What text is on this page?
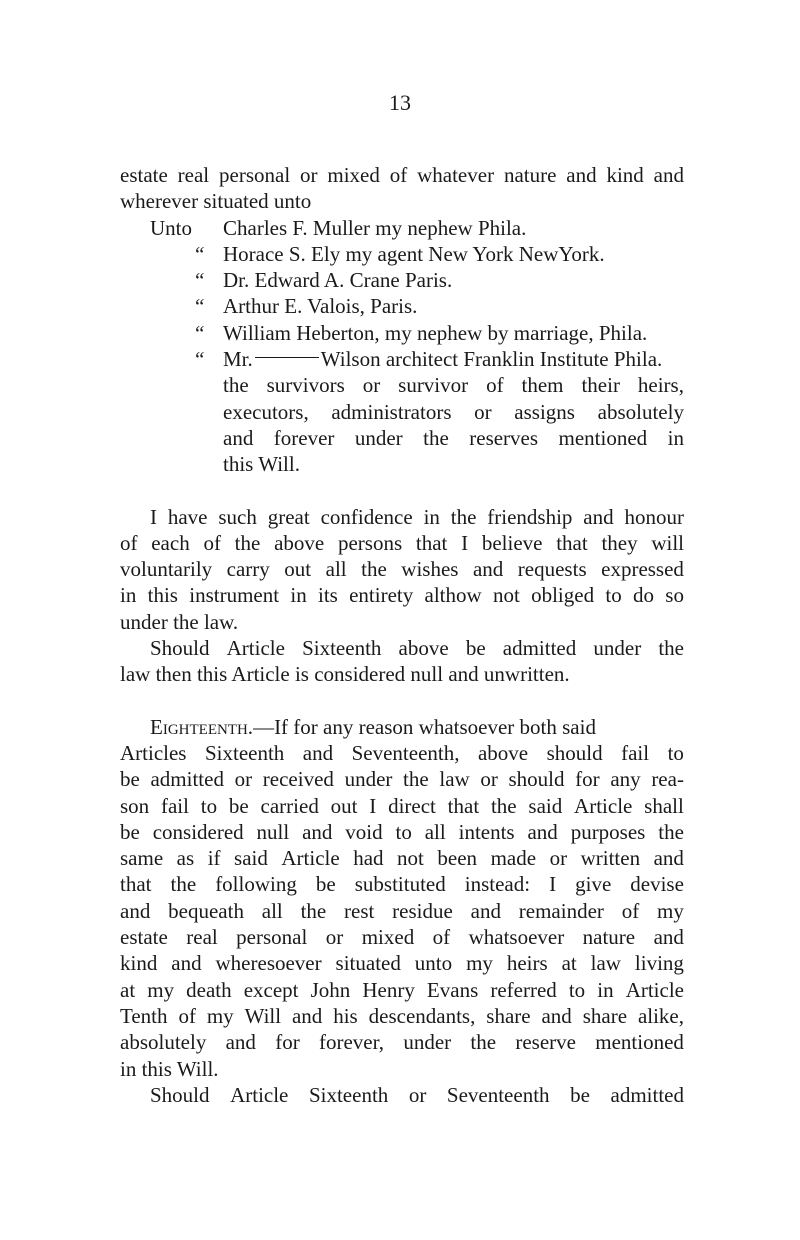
13
estate real personal or mixed of whatever nature and kind and
wherever situated unto
Unto	Charles F. Muller my nephew Phila.
“ Horace S. Ely my agent New York NewYork.
“ Dr. Edward A. Crane Paris.
“ Arthur E. Valois, Paris.
“ William Heberton, my nephew by marriage, Phila.
“ Mr.	Wilson architect Franklin Institute Phila.
the survivors or survivor of them their heirs,
executors, administrators or assigns absolutely
and forever under the reserves mentioned in
this Will.
I have such great confidence in the friendship and honour
of each of the above persons that I believe that they will
voluntarily carry out all the wishes and requests expressed
in this instrument in its entirety althow not obliged to do so
under the law.
Should Article Sixteenth above be admitted under the
law then this Article is considered null and unwritten.
Eighteenth.—If for any reason whatsoever both said
Articles Sixteenth and Seventeenth, above should fail to
be admitted or received under the law or should for any rea-
son fail to be carried out I direct that the said Article shall
be considered null and void to all intents and purposes the
same as if said Article had not been made or written and
that the following be substituted instead: I give devise
and bequeath all the rest residue and remainder of my
estate real personal or mixed of whatsoever nature and
kind and wheresoever situated unto my heirs at law living
at my death except John Henry Evans referred to in Article
Tenth of my Will and his descendants, share and share alike,
absolutely and for forever, under the reserve mentioned
in this Will.
Should Article Sixteenth or Seventeenth be admitted
